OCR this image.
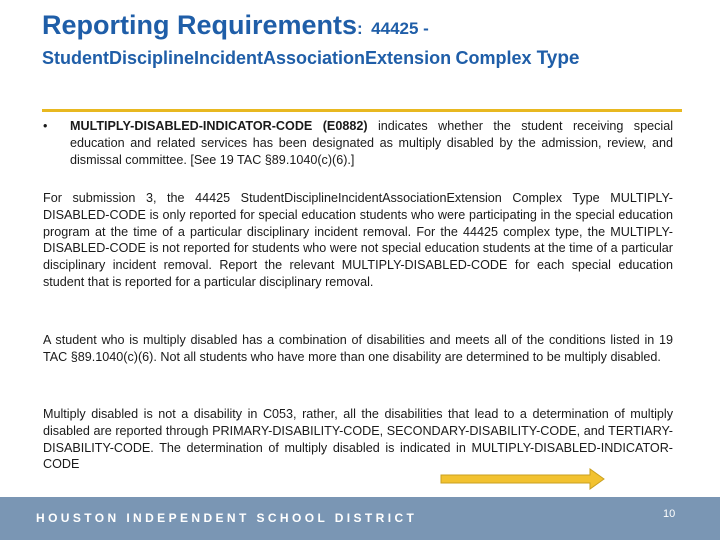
Reporting Requirements: 44425 -
StudentDisciplineIncidentAssociationExtension Complex Type
• MULTIPLY-DISABLED-INDICATOR-CODE (E0882) indicates whether the student receiving special education and related services has been designated as multiply disabled by the admission, review, and dismissal committee. [See 19 TAC §89.1040(c)(6).]
For submission 3, the 44425 StudentDisciplineIncidentAssociationExtension Complex Type MULTIPLY-DISABLED-CODE is only reported for special education students who were participating in the special education program at the time of a particular disciplinary incident removal. For the 44425 complex type, the MULTIPLY-DISABLED-CODE is not reported for students who were not special education students at the time of a particular disciplinary incident removal. Report the relevant MULTIPLY-DISABLED-CODE for each special education student that is reported for a particular disciplinary removal.
A student who is multiply disabled has a combination of disabilities and meets all of the conditions listed in 19 TAC §89.1040(c)(6). Not all students who have more than one disability are determined to be multiply disabled.
Multiply disabled is not a disability in C053, rather, all the disabilities that lead to a determination of multiply disabled are reported through PRIMARY-DISABILITY-CODE, SECONDARY-DISABILITY-CODE, and TERTIARY-DISABILITY-CODE. The determination of multiply disabled is indicated in MULTIPLY-DISABLED-INDICATOR-CODE
HOUSTON INDEPENDENT SCHOOL DISTRICT	10
